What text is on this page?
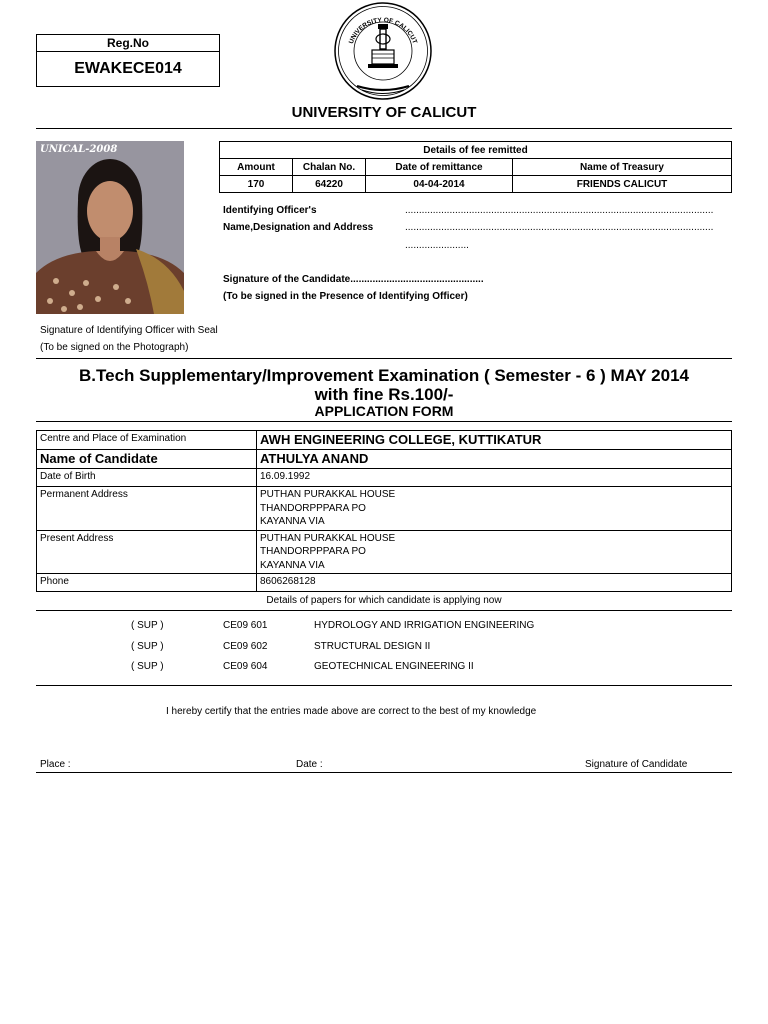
Reg.No
EWAKECE014
UNIVERSITY OF CALICUT
UNIVERSITY OF CALICUT
UNICAL-2008	Details of fee remitted			
Amount	Chalan No.	Date of remittance	Name of Treasury
170	64220	04-04-2014	FRIENDS CALICUT
Identifying Officer's
Name,Designation and Address
...............................................................................................................
...............................................................................................................
.......................
Signature of the Candidate................................................
(To be signed in the Presence of Identifying Officer)
Signature of Identifying Officer with Seal
(To be signed on the Photograph)
B.Tech Supplementary/Improvement Examination ( Semester - 6 ) MAY 2014
with fine Rs.100/-
APPLICATION FORM
Centre and Place of Examination	AWH ENGINEERING COLLEGE, KUTTIKATUR
Name of Candidate	ATHULYA ANAND
Date of Birth	16.09.1992
Permanent Address	PUTHAN PURAKKAL HOUSE
THANDORPPPARA PO
KAYANNA VIA

Present Address	PUTHAN PURAKKAL HOUSE
THANDORPPPARA PO
KAYANNA VIA

Phone	8606268128
Details of papers for which candidate is applying now
( SUP )	CE09 601	HYDROLOGY AND IRRIGATION ENGINEERING
( SUP )	CE09 602	STRUCTURAL DESIGN II
( SUP )	CE09 604	GEOTECHNICAL ENGINEERING II
I hereby certify that the entries made above are correct to the best of my knowledge
Place :	Date :	Signature of Candidate
